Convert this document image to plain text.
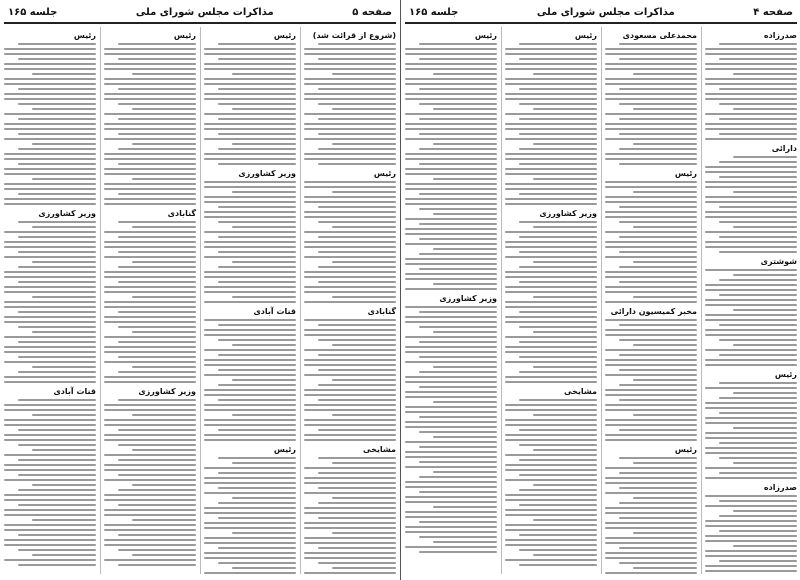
صفحه ۵
مذاکرات مجلس شورای ملی
جلسه ۱۶۵
(شروع از قرائت شد)
رئیس
گنابادی
مشایخی
رئیس
وزیر کشاورزی
قنات آبادی
رئیس
رئیس
گنابادی
وزیر کشاورزی
رئیس
وزیر کشاورزی
قنات آبادی
صفحه ۴
مذاکرات مجلس شورای ملی
جلسه ۱۶۵
صدرزاده
دارائی
شوشتری
رئیس
صدرزاده
محمدعلی مسعودی
رئیس
مخبر کمیسیون دارائی
رئیس
رئیس
وزیر کشاورزی
مشایخی
رئیس
وزیر کشاورزی
